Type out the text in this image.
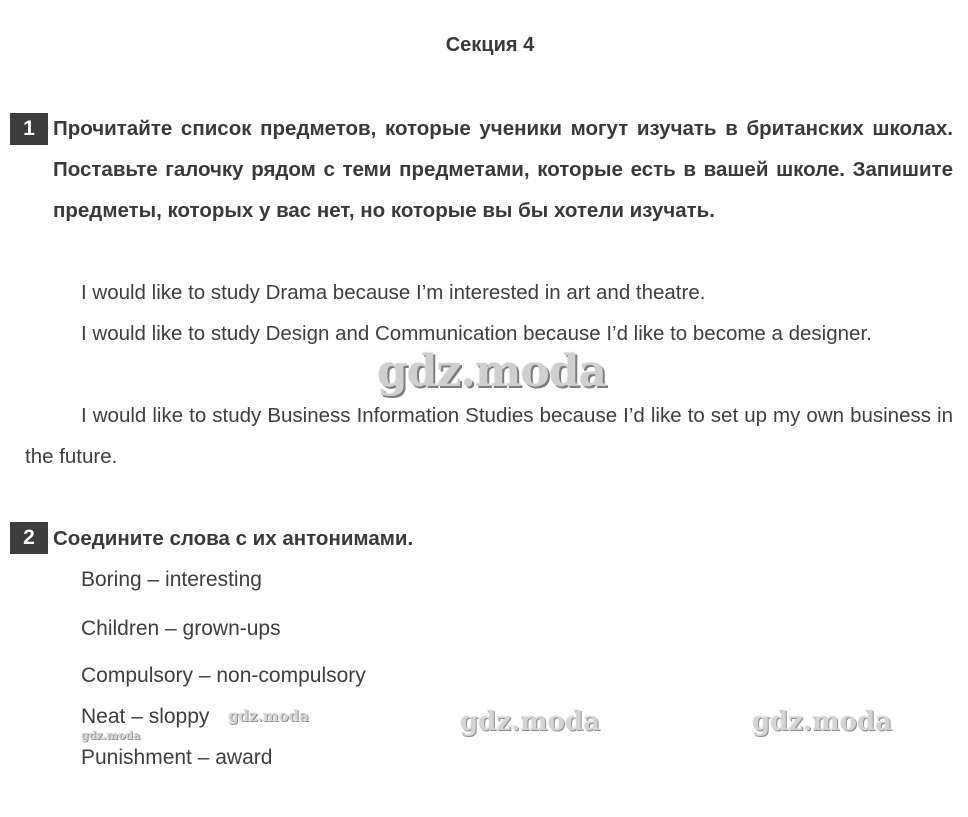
Секция 4
1 Прочитайте список предметов, которые ученики могут изучать в британских школах. Поставьте галочку рядом с теми предметами, которые есть в вашей школе. Запишите предметы, которых у вас нет, но которые вы бы хотели изучать.

I would like to study Drama because I’m interested in art and theatre.

I would like to study Design and Communication because I’d like to become a designer.

I would like to study Business Information Studies because I’d like to set up my own business in the future.

2 Соедините слова с их антонимами.
Boring – interesting
Children – grown-ups
Compulsory – non-compulsory
Neat – sloppy
Punishment – award
gdz.moda
gdz.moda	gdz.moda
gdz.moda
gdz.moda
